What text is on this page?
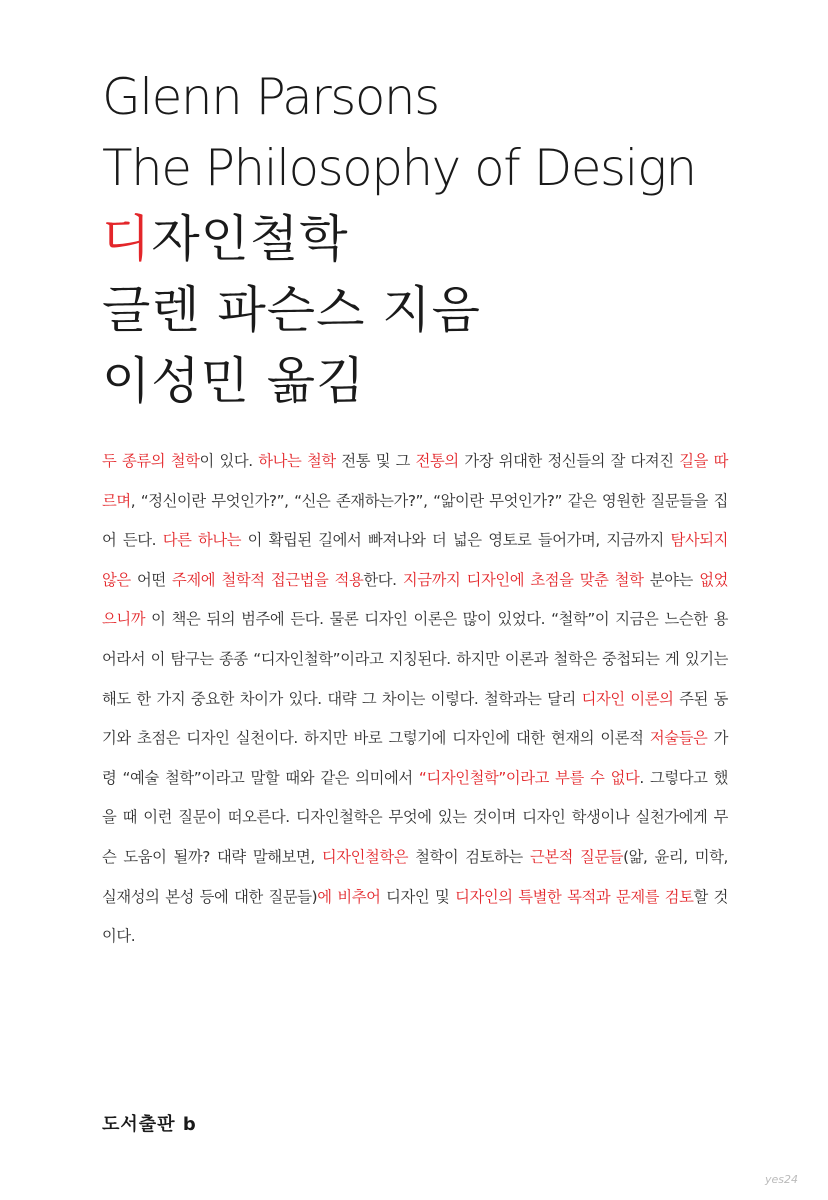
Glenn Parsons
The Philosophy of Design
디자인철학
글렌 파슨스 지음
이성민 옮김
두 종류의 철학이 있다. 하나는 철학 전통 및 그 전통의 가장 위대한 정신들의 잘 다져진 길을 따르며, “정신이란 무엇인가?”, “신은 존재하는가?”, “앎이란 무엇인가?” 같은 영원한 질문들을 집어 든다. 다른 하나는 이 확립된 길에서 빠져나와 더 넓은 영토로 들어가며, 지금까지 탐사되지 않은 어떤 주제에 철학적 접근법을 적용한다. 지금까지 디자인에 초점을 맞춘 철학 분야는 없었으니까 이 책은 뒤의 범주에 든다. 물론 디자인 이론은 많이 있었다. “철학”이 지금은 느슨한 용어라서 이 탐구는 종종 “디자인철학”이라고 지칭된다. 하지만 이론과 철학은 중첩되는 게 있기는 해도 한 가지 중요한 차이가 있다. 대략 그 차이는 이렇다. 철학과는 달리 디자인 이론의 주된 동기와 초점은 디자인 실천이다. 하지만 바로 그렇기에 디자인에 대한 현재의 이론적 저술들은 가령 “예술 철학”이라고 말할 때와 같은 의미에서 “디자인철학”이라고 부를 수 없다. 그렇다고 했을 때 이런 질문이 떠오른다. 디자인철학은 무엇에 있는 것이며 디자인 학생이나 실천가에게 무슨 도움이 될까? 대략 말해보면, 디자인철학은 철학이 검토하는 근본적 질문들(앎, 윤리, 미학, 실재성의 본성 등에 대한 질문들)에 비추어 디자인 및 디자인의 특별한 목적과 문제를 검토할 것이다.
도서출판 b
yes24
